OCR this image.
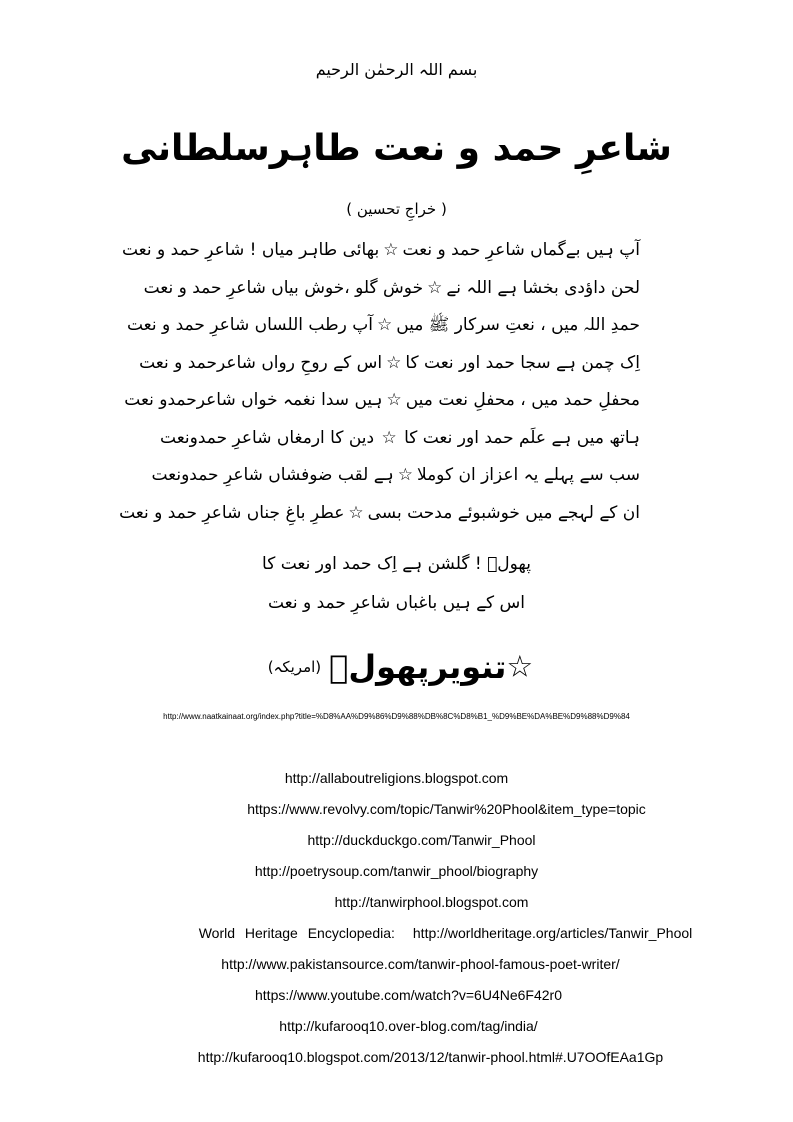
بسم اللہ الرحمٰن الرحیم
شاعرِ حمد و نعت طاہرسلطانی
( خراجِ تحسین )
آپ ہیں بےگماں شاعرِ حمد و نعت
☆
بھائی طاہر میاں ! شاعرِ حمد و نعت
لحن داؤدی بخشا ہے اللہ نے
☆
خوش گلو ،خوش بیاں شاعرِ حمد و نعت
حمدِ اللہ میں ، نعتِ سرکار ﷺ میں
☆
آپ رطب اللساں شاعرِ حمد و نعت
اِک چمن ہے سجا حمد اور نعت کا
☆
اس کے روحِ رواں شاعرحمد و نعت
محفلِ حمد میں ، محفلِ نعت میں
☆
ہیں سدا نغمہ خواں شاعرحمدو نعت
ہاتھ میں ہے علَم حمد اور نعت کا
☆
دین کا ارمغاں شاعرِ حمدونعت
سب سے پہلے یہ اعزاز ان کوملا
☆
ہے لقب ضوفشاں شاعرِ حمدونعت
ان کے لہجے میں خوشبوئے مدحت بسی
☆
عطرِ باغِ جناں شاعرِ حمد و نعت
پھولؔ ! گلشن ہے اِک حمد اور نعت کا
اس کے ہیں باغباں شاعرِ حمد و نعت
☆تنویرپھولؔ(امریکہ)
http://www.naatkainaat.org/index.php?title=%D8%AA%D9%86%D9%88%DB%8C%D8%B1_%D9%BE%DA%BE%D9%88%D9%84
http://allaboutreligions.blogspot.com
https://www.revolvy.com/topic/Tanwir%20Phool&item_type=topic
http://duckduckgo.com/Tanwir_Phool
http://poetrysoup.com/tanwir_phool/biography
http://tanwirphool.blogspot.com
World Heritage Encyclopedia: http://worldheritage.org/articles/Tanwir_Phool
http://www.pakistansource.com/tanwir-phool-famous-poet-writer/
https://www.youtube.com/watch?v=6U4Ne6F42r0
http://kufarooq10.over-blog.com/tag/india/
http://kufarooq10.blogspot.com/2013/12/tanwir-phool.html#.U7OOfEAa1Gp
